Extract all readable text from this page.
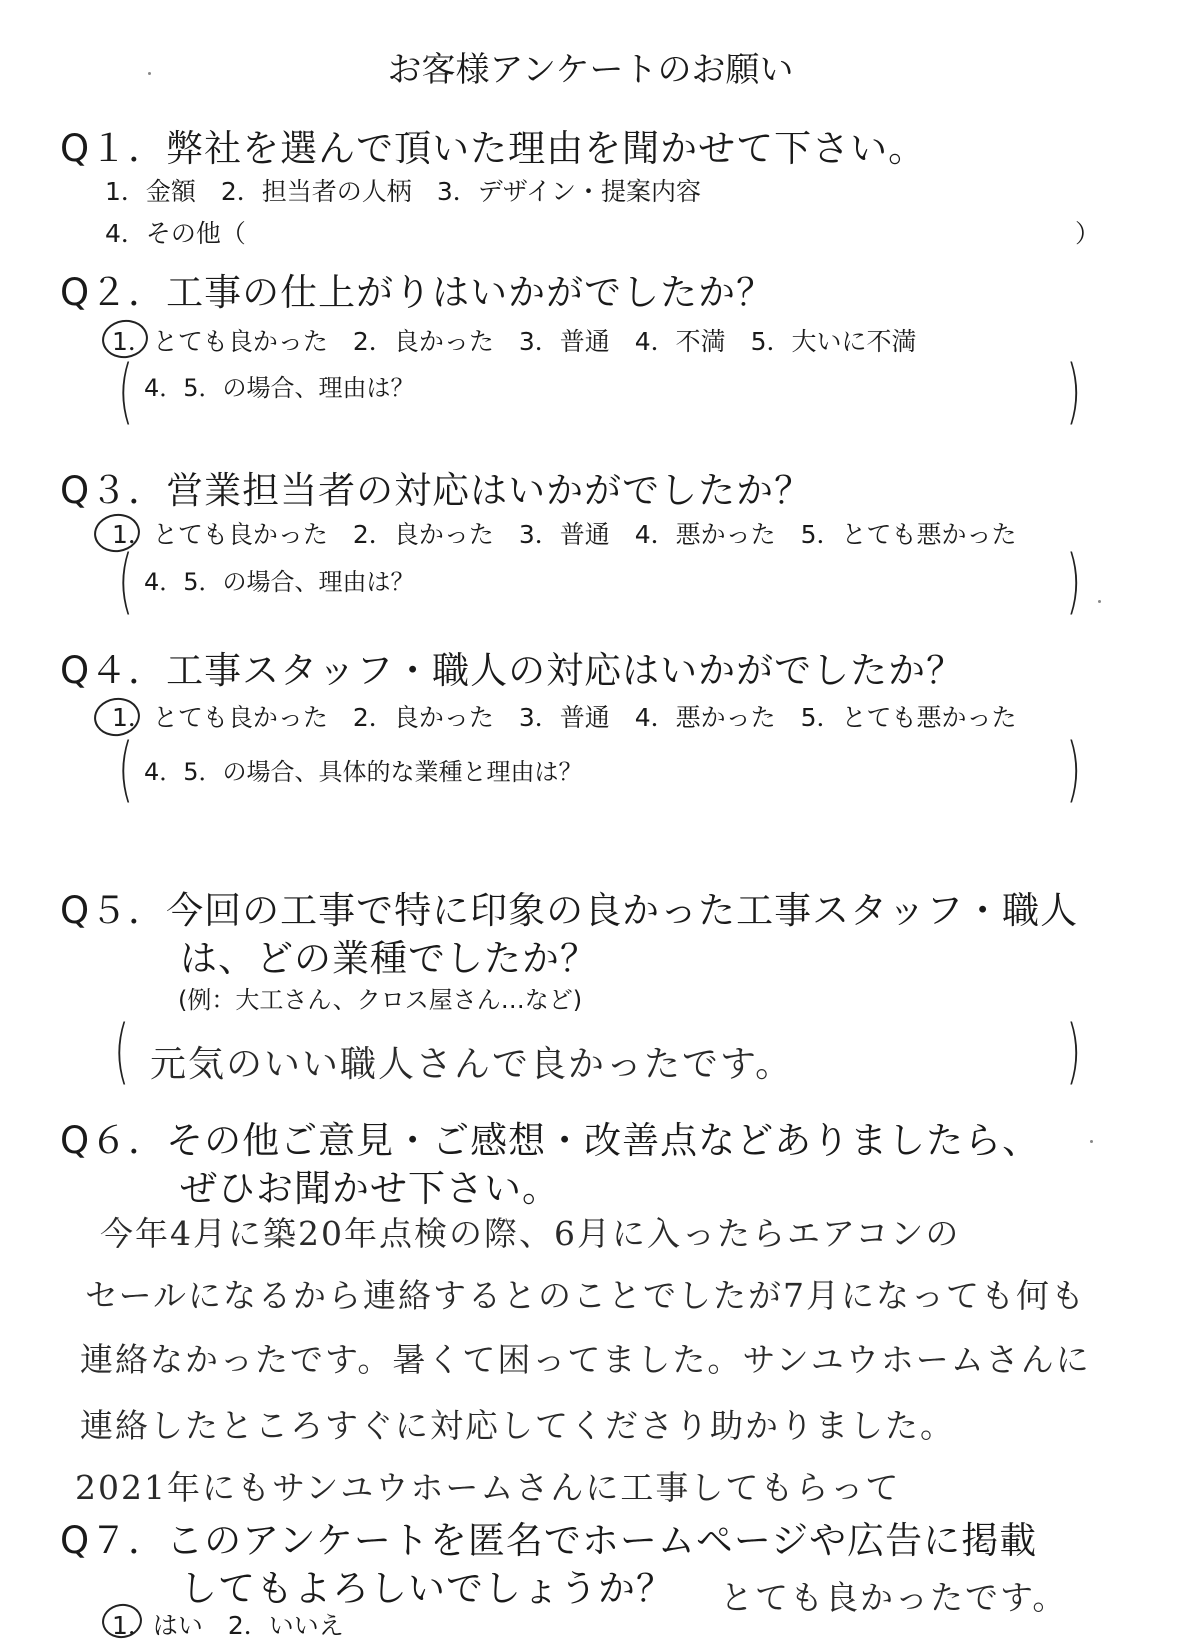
お客様アンケートのお願い
Q１．弊社を選んで頂いた理由を聞かせて下さい。
1．金額　2．担当者の人柄　3．デザイン・提案内容
4．その他（	）
Q２．工事の仕上がりはいかがでしたか？
1．とても良かった　2．良かった　3．普通　4．不満　5．大いに不満
( 4．5．の場合、理由は？	)
Q３．営業担当者の対応はいかがでしたか？
1．とても良かった　2．良かった　3．普通　4．悪かった　5．とても悪かった
( 4．5．の場合、理由は？	)
Q４．工事スタッフ・職人の対応はいかがでしたか？
1．とても良かった　2．良かった　3．普通　4．悪かった　5．とても悪かった
( 4．5．の場合、具体的な業種と理由は？	)
Q５．今回の工事で特に印象の良かった工事スタッフ・職人
は、どの業種でしたか？
(例：大工さん、クロス屋さん…など)
( 元気のいい職人さんで良かったです。	)
Q６．その他ご意見・ご感想・改善点などありましたら、
ぜひお聞かせ下さい。
今年4月に築20年点検の際、6月に入ったらエアコンの
セールになるから連絡するとのことでしたが7月になっても何も
連絡なかったです。暑くて困ってました。サンユウホームさんに
連絡したところすぐに対応してくださり助かりました。
2021年にもサンユウホームさんに工事してもらって
Q７．このアンケートを匿名でホームページや広告に掲載
してもよろしいでしょうか？ とても良かったです。
1．はい　2．いいえ
